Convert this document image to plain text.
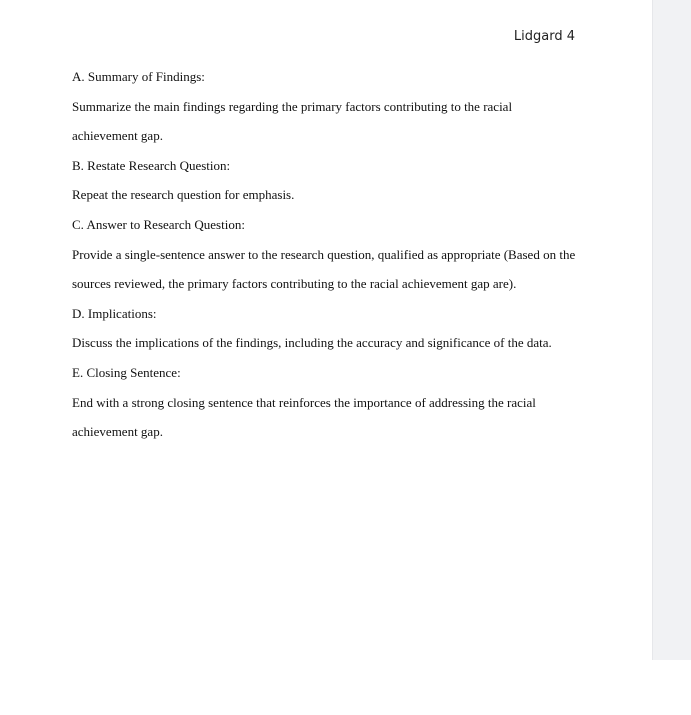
Lidgard 4
A. Summary of Findings:
Summarize the main findings regarding the primary factors contributing to the racial
achievement gap.
B. Restate Research Question:
Repeat the research question for emphasis.
C. Answer to Research Question:
Provide a single-sentence answer to the research question, qualified as appropriate (Based on the
sources reviewed, the primary factors contributing to the racial achievement gap are).
D. Implications:
Discuss the implications of the findings, including the accuracy and significance of the data.
E. Closing Sentence:
End with a strong closing sentence that reinforces the importance of addressing the racial
achievement gap.
